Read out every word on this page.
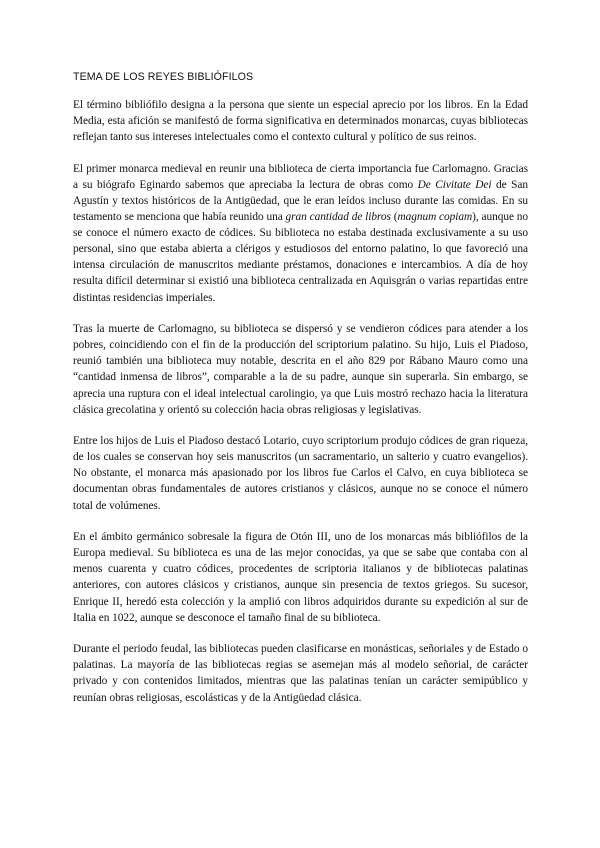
TEMA DE LOS REYES BIBLIÓFILOS

El término bibliófilo designa a la persona que siente un especial aprecio por los libros. En la Edad Media, esta afición se manifestó de forma significativa en determinados monarcas, cuyas bibliotecas reflejan tanto sus intereses intelectuales como el contexto cultural y político de sus reinos.

El primer monarca medieval en reunir una biblioteca de cierta importancia fue Carlomagno. Gracias a su biógrafo Eginardo sabemos que apreciaba la lectura de obras como De Civitate Dei de San Agustín y textos históricos de la Antigüedad, que le eran leídos incluso durante las comidas. En su testamento se menciona que había reunido una gran cantidad de libros (magnum copiam), aunque no se conoce el número exacto de códices. Su biblioteca no estaba destinada exclusivamente a su uso personal, sino que estaba abierta a clérigos y estudiosos del entorno palatino, lo que favoreció una intensa circulación de manuscritos mediante préstamos, donaciones e intercambios. A día de hoy resulta difícil determinar si existió una biblioteca centralizada en Aquisgrán o varias repartidas entre distintas residencias imperiales.

Tras la muerte de Carlomagno, su biblioteca se dispersó y se vendieron códices para atender a los pobres, coincidiendo con el fin de la producción del scriptorium palatino. Su hijo, Luis el Piadoso, reunió también una biblioteca muy notable, descrita en el año 829 por Rábano Mauro como una “cantidad inmensa de libros”, comparable a la de su padre, aunque sin superarla. Sin embargo, se aprecia una ruptura con el ideal intelectual carolingio, ya que Luis mostró rechazo hacia la literatura clásica grecolatina y orientó su colección hacia obras religiosas y legislativas.

Entre los hijos de Luis el Piadoso destacó Lotario, cuyo scriptorium produjo códices de gran riqueza, de los cuales se conservan hoy seis manuscritos (un sacramentario, un salterio y cuatro evangelios). No obstante, el monarca más apasionado por los libros fue Carlos el Calvo, en cuya biblioteca se documentan obras fundamentales de autores cristianos y clásicos, aunque no se conoce el número total de volúmenes.

En el ámbito germánico sobresale la figura de Otón III, uno de los monarcas más bibliófilos de la Europa medieval. Su biblioteca es una de las mejor conocidas, ya que se sabe que contaba con al menos cuarenta y cuatro códices, procedentes de scriptoria italianos y de bibliotecas palatinas anteriores, con autores clásicos y cristianos, aunque sin presencia de textos griegos. Su sucesor, Enrique II, heredó esta colección y la amplió con libros adquiridos durante su expedición al sur de Italia en 1022, aunque se desconoce el tamaño final de su biblioteca.

Durante el periodo feudal, las bibliotecas pueden clasificarse en monásticas, señoriales y de Estado o palatinas. La mayoría de las bibliotecas regias se asemejan más al modelo señorial, de carácter privado y con contenidos limitados, mientras que las palatinas tenían un carácter semipúblico y reunían obras religiosas, escolásticas y de la Antigüedad clásica.
